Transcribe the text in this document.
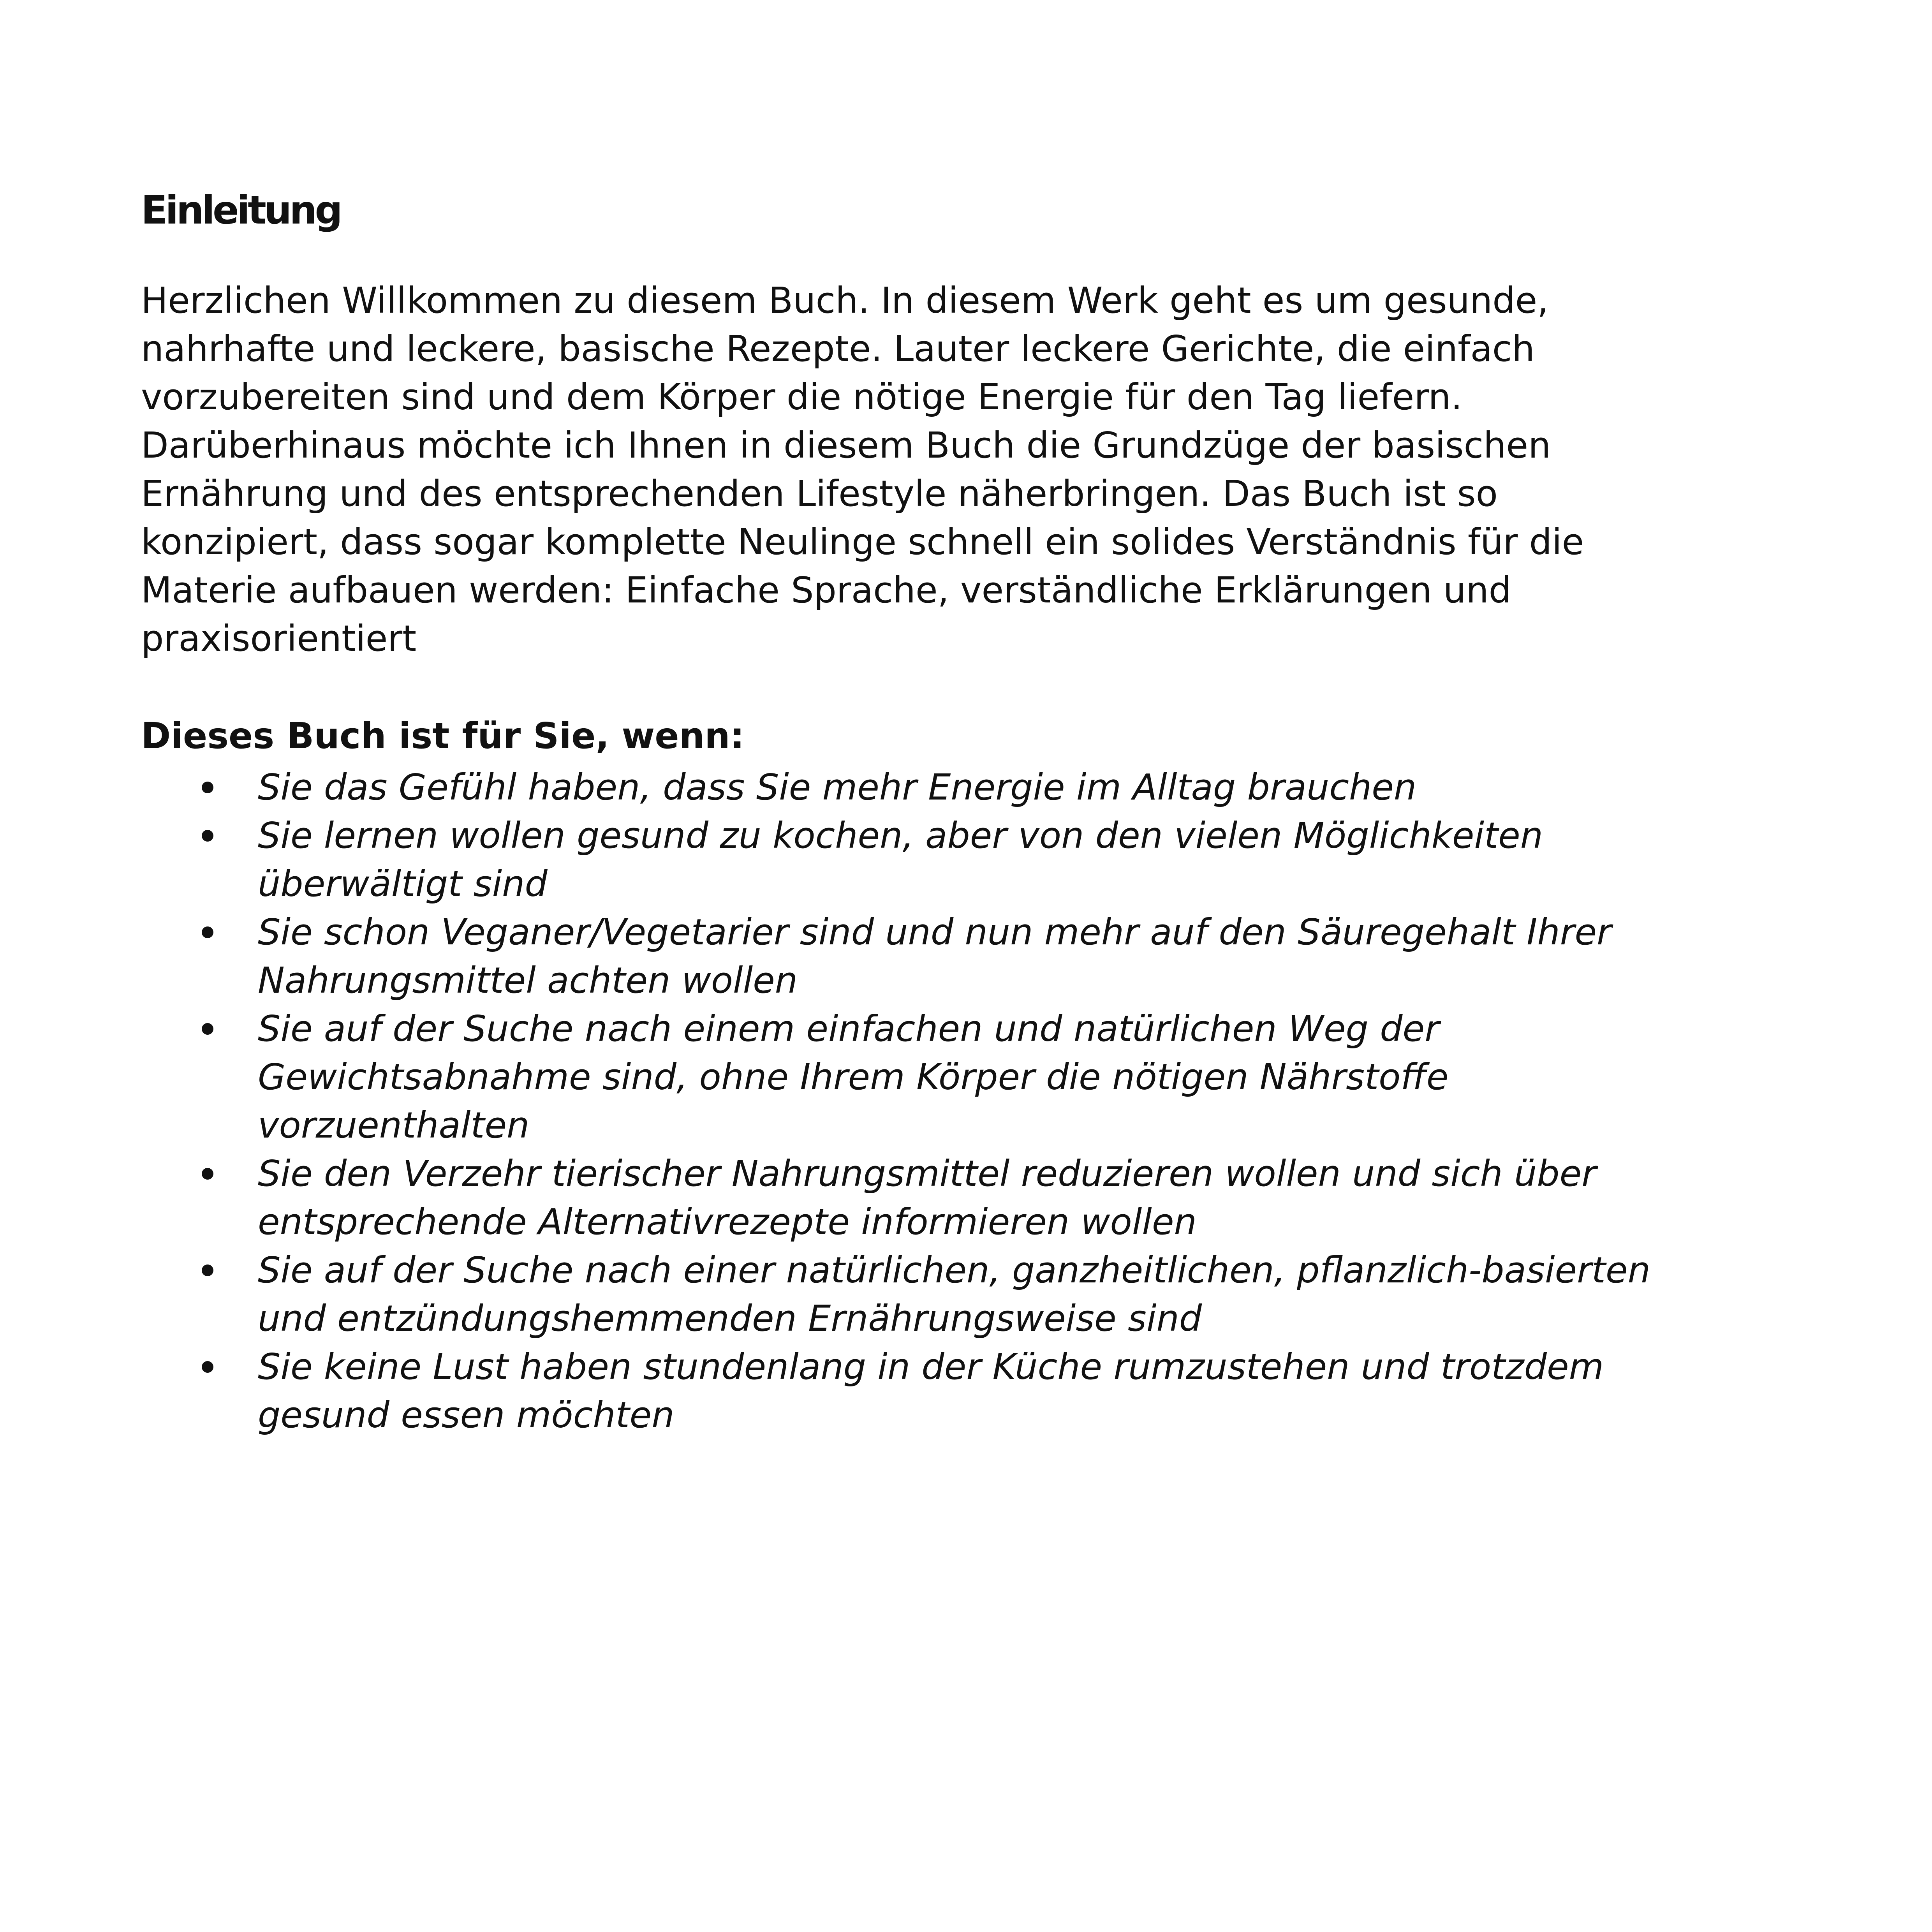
Einleitung

Herzlichen Willkommen zu diesem Buch. In diesem Werk geht es um gesunde,
nahrhafte und leckere, basische Rezepte. Lauter leckere Gerichte, die einfach
vorzubereiten sind und dem Körper die nötige Energie für den Tag liefern.
Darüberhinaus möchte ich Ihnen in diesem Buch die Grundzüge der basischen
Ernährung und des entsprechenden Lifestyle näherbringen. Das Buch ist so
konzipiert, dass sogar komplette Neulinge schnell ein solides Verständnis für die
Materie aufbauen werden: Einfache Sprache, verständliche Erklärungen und
praxisorientiert

Dieses Buch ist für Sie, wenn:

Sie das Gefühl haben, dass Sie mehr Energie im Alltag brauchen
Sie lernen wollen gesund zu kochen, aber von den vielen Möglichkeiten
überwältigt sind
Sie schon Veganer/Vegetarier sind und nun mehr auf den Säuregehalt Ihrer
Nahrungsmittel achten wollen
Sie auf der Suche nach einem einfachen und natürlichen Weg der
Gewichtsabnahme sind, ohne Ihrem Körper die nötigen Nährstoffe
vorzuenthalten
Sie den Verzehr tierischer Nahrungsmittel reduzieren wollen und sich über
entsprechende Alternativrezepte informieren wollen
Sie auf der Suche nach einer natürlichen, ganzheitlichen, pflanzlich-basierten
und entzündungshemmenden Ernährungsweise sind
Sie keine Lust haben stundenlang in der Küche rumzustehen und trotzdem
gesund essen möchten
